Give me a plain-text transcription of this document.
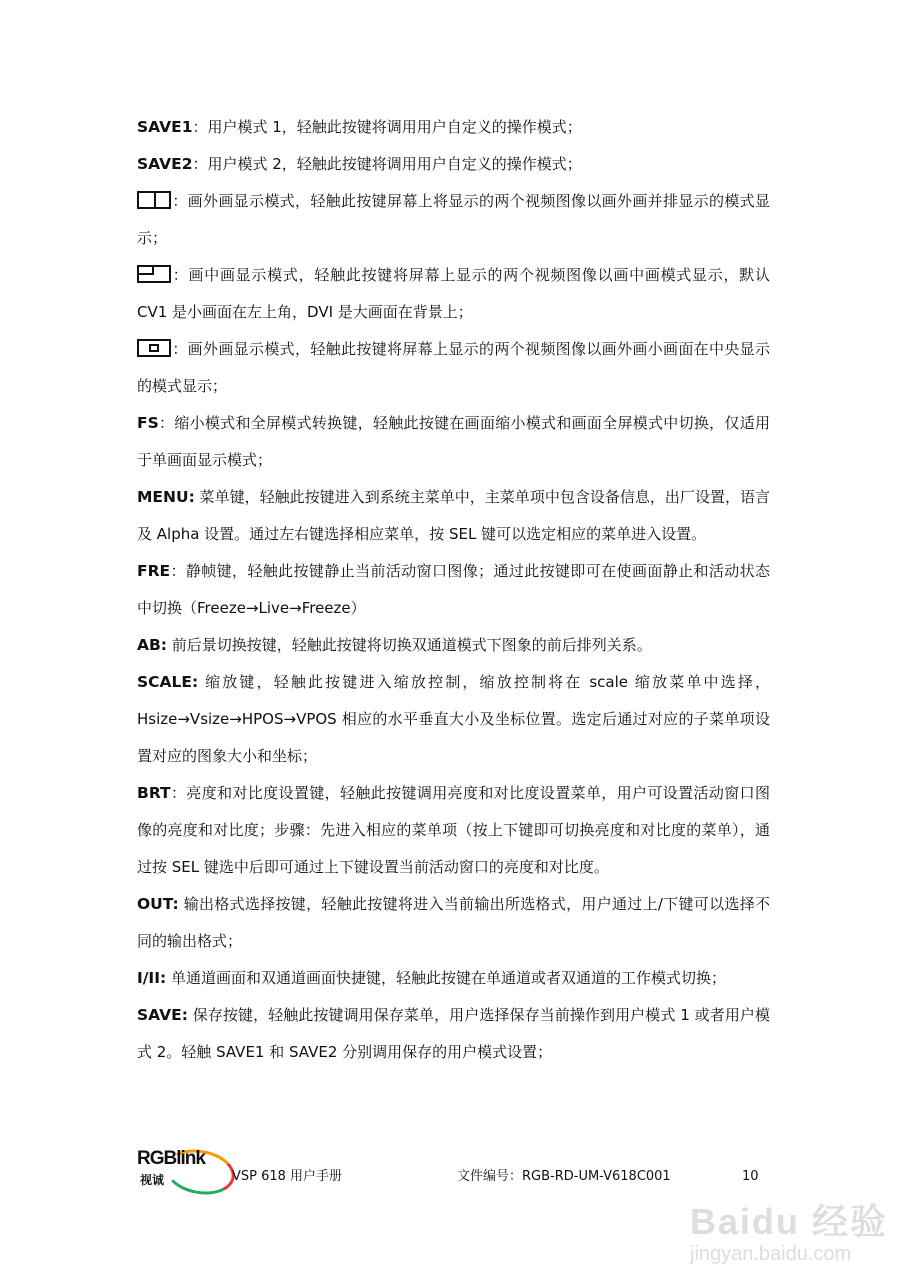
SAVE1：用户模式 1，轻触此按键将调用用户自定义的操作模式；

SAVE2：用户模式 2，轻触此按键将调用用户自定义的操作模式；

：画外画显示模式，轻触此按键屏幕上将显示的两个视频图像以画外画并排显示的模式显示；

：画中画显示模式，轻触此按键将屏幕上显示的两个视频图像以画中画模式显示，默认 CV1 是小画面在左上角，DVI 是大画面在背景上；

：画外画显示模式，轻触此按键将屏幕上显示的两个视频图像以画外画小画面在中央显示的模式显示；

FS：缩小模式和全屏模式转换键，轻触此按键在画面缩小模式和画面全屏模式中切换，仅适用于单画面显示模式；

MENU: 菜单键，轻触此按键进入到系统主菜单中，主菜单项中包含设备信息，出厂设置，语言及 Alpha 设置。通过左右键选择相应菜单，按 SEL 键可以选定相应的菜单进入设置。

FRE：静帧键，轻触此按键静止当前活动窗口图像；通过此按键即可在使画面静止和活动状态中切换（Freeze→Live→Freeze）

AB: 前后景切换按键，轻触此按键将切换双通道模式下图象的前后排列关系。

SCALE: 缩放键，轻触此按键进入缩放控制，缩放控制将在 scale 缩放菜单中选择，Hsize→Vsize→HPOS→VPOS 相应的水平垂直大小及坐标位置。选定后通过对应的子菜单项设置对应的图象大小和坐标；

BRT：亮度和对比度设置键，轻触此按键调用亮度和对比度设置菜单，用户可设置活动窗口图像的亮度和对比度；步骤：先进入相应的菜单项（按上下键即可切换亮度和对比度的菜单），通过按 SEL 键选中后即可通过上下键设置当前活动窗口的亮度和对比度。

OUT: 输出格式选择按键，轻触此按键将进入当前输出所选格式，用户通过上/下键可以选择不同的输出格式；

I/II: 单通道画面和双通道画面快捷键，轻触此按键在单通道或者双通道的工作模式切换；

SAVE: 保存按键，轻触此按键调用保存菜单，用户选择保存当前操作到用户模式 1 或者用户模式 2。轻触 SAVE1 和 SAVE2 分别调用保存的用户模式设置；

RGBlink
视诚	VSP 618 用户手册	文件编号：RGB-RD-UM-V618C001	10
Baidu 经验
jingyan.baidu.com
